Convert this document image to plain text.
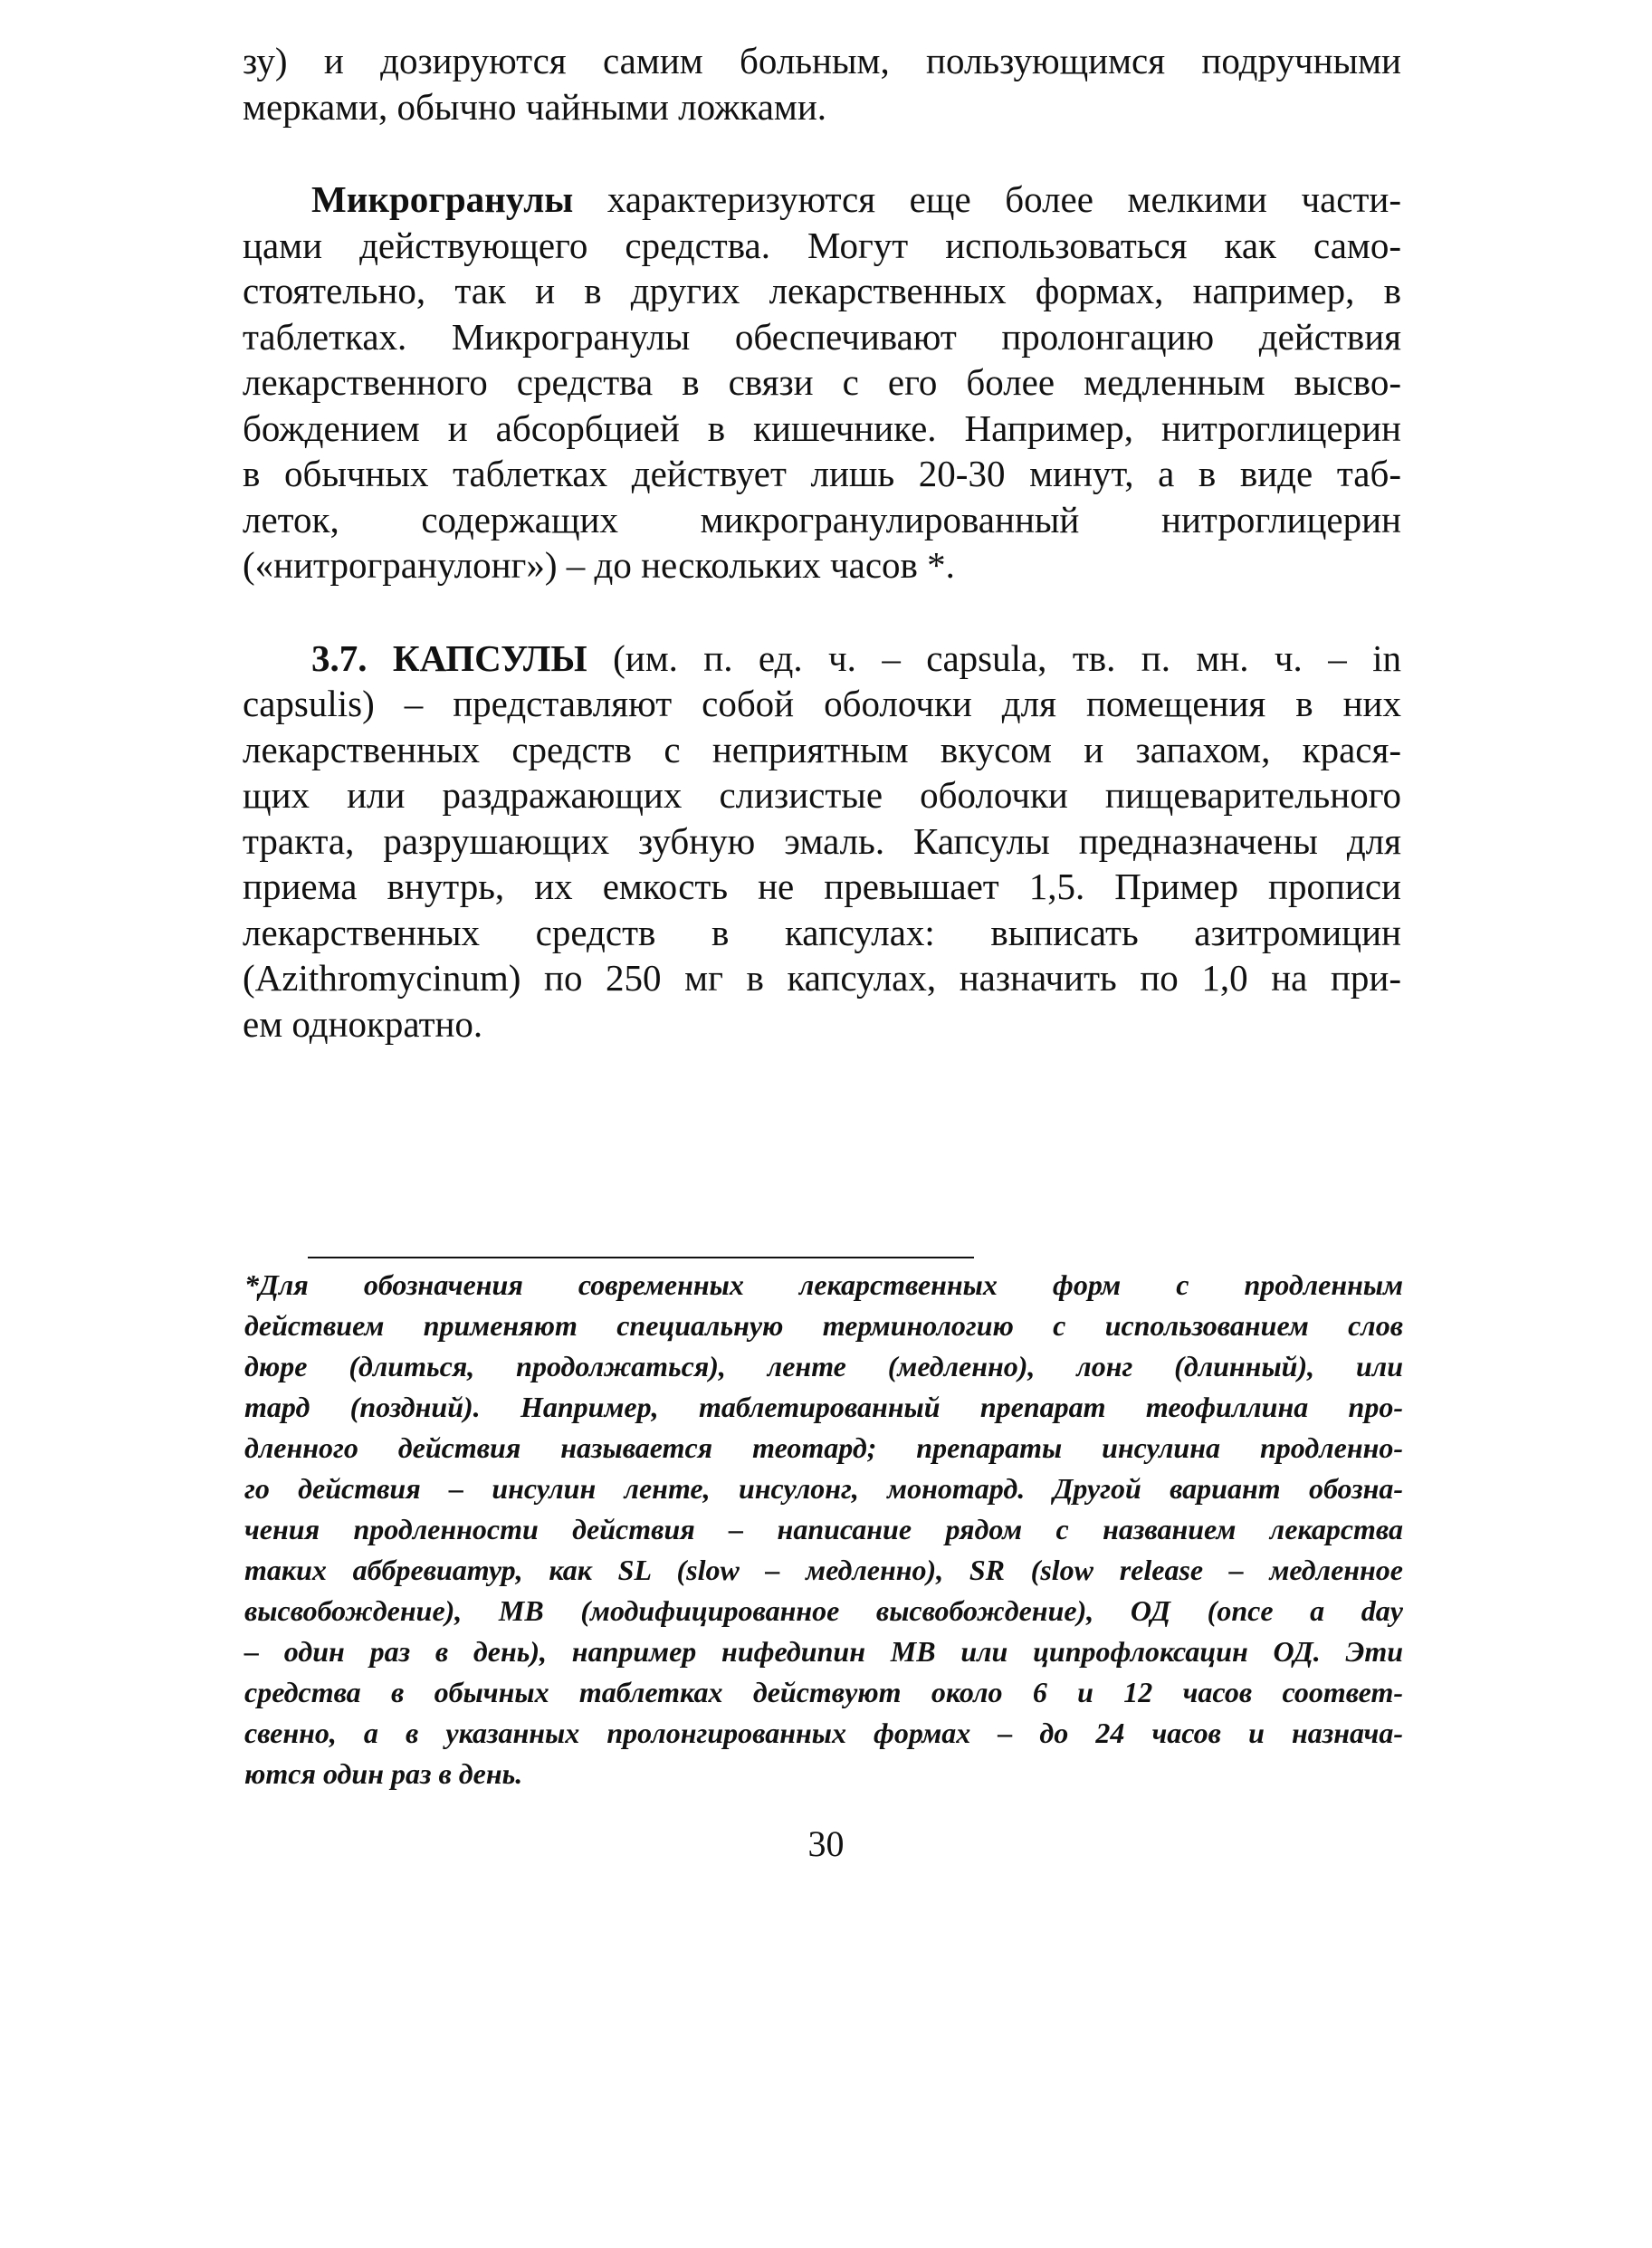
зу) и дозируются самим больным, пользующимся подручными
мерками, обычно чайными ложками.

Микрогранулы характеризуются еще более мелкими части-
цами действующего средства. Могут использоваться как само-
стоятельно, так и в других лекарственных формах, например, в
таблетках. Микрогранулы обеспечивают пролонгацию действия
лекарственного средства в связи с его более медленным высво-
бождением и абсорбцией в кишечнике. Например, нитроглицерин
в обычных таблетках действует лишь 20-30 минут, а в виде таб-
леток, содержащих микрогранулированный нитроглицерин
(«нитрогранулонг») – до нескольких часов *.

3.7. КАПСУЛЫ (им. п. ед. ч. – capsula, тв. п. мн. ч. – in
capsulis) – представляют собой оболочки для помещения в них
лекарственных средств с неприятным вкусом и запахом, крася-
щих или раздражающих слизистые оболочки пищеварительного
тракта, разрушающих зубную эмаль. Капсулы предназначены для
приема внутрь, их емкость не превышает 1,5. Пример прописи
лекарственных средств в капсулах: выписать азитромицин
(Azithromycinum) по 250 мг в капсулах, назначить по 1,0 на при-
ем однократно.

*Для обозначения современных лекарственных форм с продленным
действием применяют специальную терминологию с использованием слов
дюре (длиться, продолжаться), ленте (медленно), лонг (длинный), или
тард (поздний). Например, таблетированный препарат теофиллина про-
дленного действия называется теотард; препараты инсулина продленно-
го действия – инсулин ленте, инсулонг, монотард. Другой вариант обозна-
чения продленности действия – написание рядом с названием лекарства
таких аббревиатур, как SL (slow – медленно), SR (slow release – медленное
высвобождение), МВ (модифицированное высвобождение), ОД (once a day
– один раз в день), например нифедипин МВ или ципрофлоксацин ОД. Эти
средства в обычных таблетках действуют около 6 и 12 часов соответ-
свенно, а в указанных пролонгированных формах – до 24 часов и назнача-
ются один раз в день.
30
